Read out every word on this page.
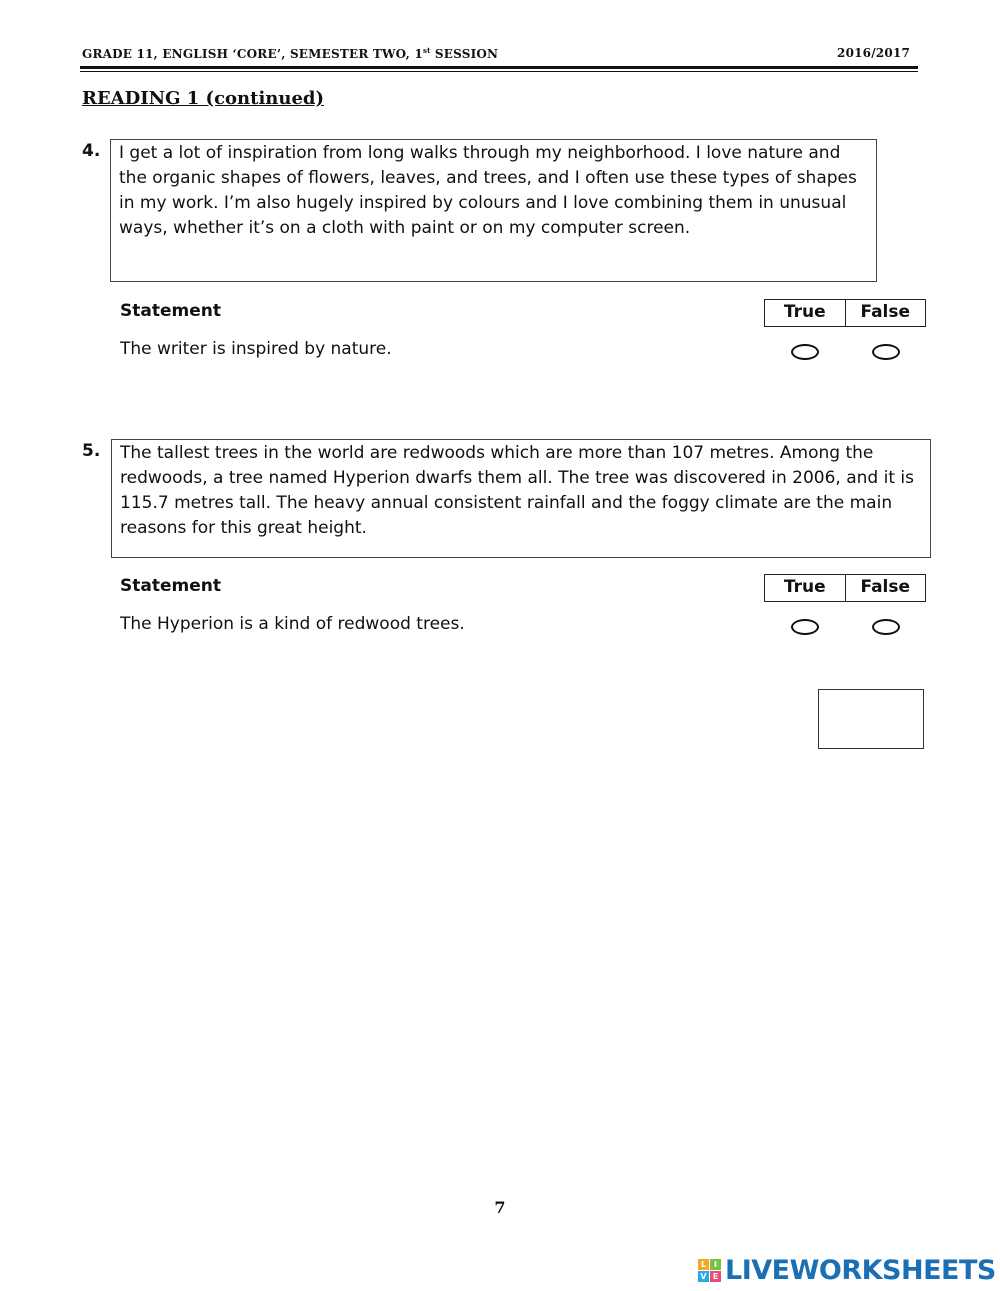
GRADE 11, ENGLISH ‘CORE’, SEMESTER TWO, 1st SESSION	2016/2017
READING 1 (continued)
4.	I get a lot of inspiration from long walks through my neighborhood. I love nature and the organic shapes of flowers, leaves, and trees, and I often use these types of shapes in my work. I’m also hugely inspired by colours and I love combining them in unusual ways, whether it’s on a cloth with paint or on my computer screen.
Statement	True	False
The writer is inspired by nature.
5.	The tallest trees in the world are redwoods which are more than 107 metres. Among the redwoods, a tree named Hyperion dwarfs them all. The tree was discovered in 2006, and it is 115.7 metres tall. The heavy annual consistent rainfall and the foggy climate are the main reasons for this great height.
Statement	True	False
The Hyperion is a kind of redwood trees.
7
L I
V E LIVEWORKSHEETS
